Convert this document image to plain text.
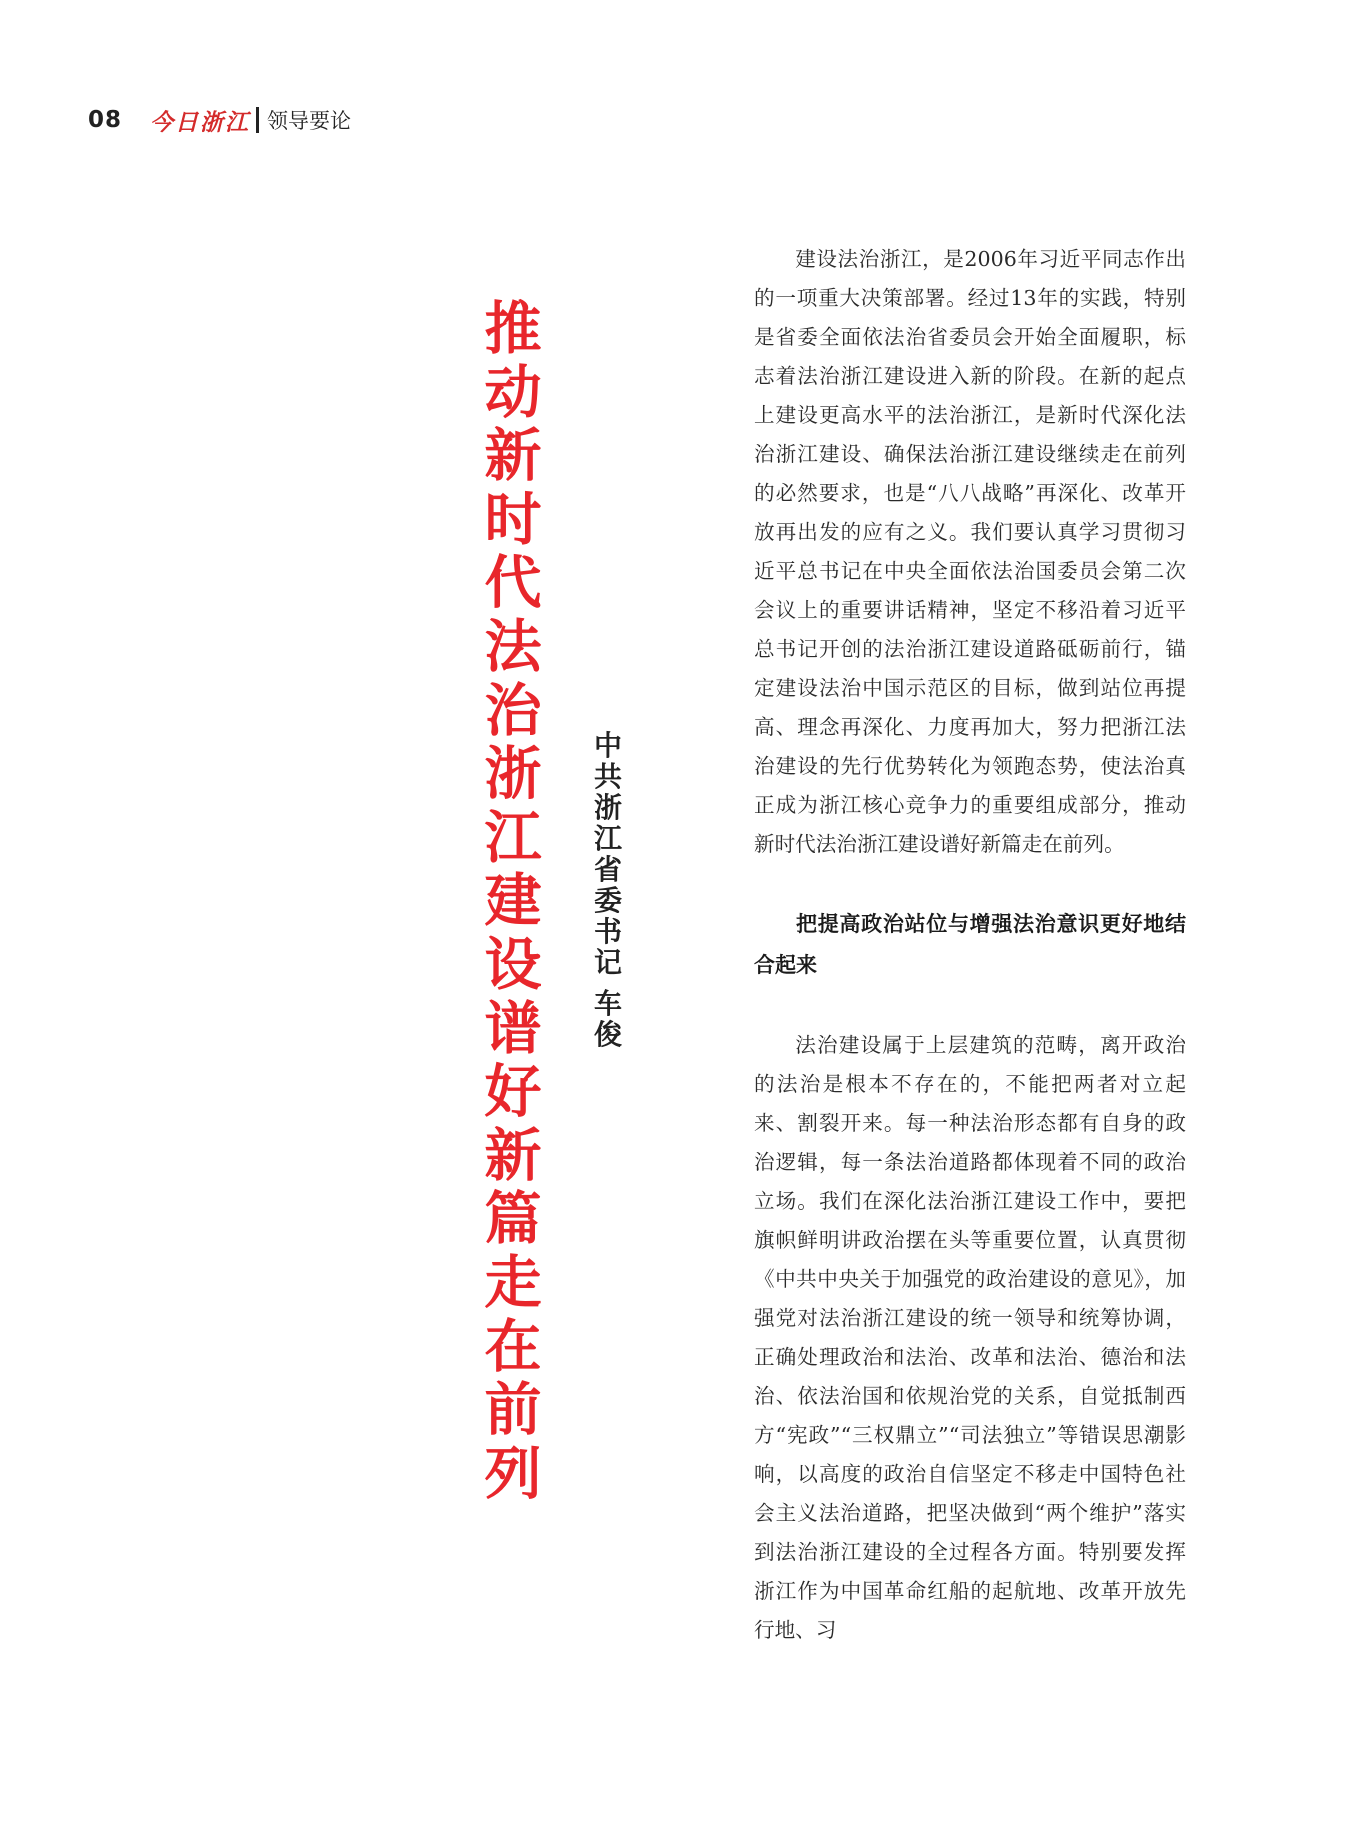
08 今日浙江 领导要论
推动新时代法治浙江建设谱好新篇走在前列
中共浙江省委书记
车
俊

建设法治浙江，是2006年习近平同志作出的一项重大决策部署。经过13年的实践，特别是省委全面依法治省委员会开始全面履职，标志着法治浙江建设进入新的阶段。在新的起点上建设更高水平的法治浙江，是新时代深化法治浙江建设、确保法治浙江建设继续走在前列的必然要求，也是“八八战略”再深化、改革开放再出发的应有之义。我们要认真学习贯彻习近平总书记在中央全面依法治国委员会第二次会议上的重要讲话精神，坚定不移沿着习近平总书记开创的法治浙江建设道路砥砺前行，锚定建设法治中国示范区的目标，做到站位再提高、理念再深化、力度再加大，努力把浙江法治建设的先行优势转化为领跑态势，使法治真正成为浙江核心竞争力的重要组成部分，推动新时代法治浙江建设谱好新篇走在前列。

把提高政治站位与增强法治意识更好地结合起来

法治建设属于上层建筑的范畴，离开政治的法治是根本不存在的，不能把两者对立起来、割裂开来。每一种法治形态都有自身的政治逻辑，每一条法治道路都体现着不同的政治立场。我们在深化法治浙江建设工作中，要把旗帜鲜明讲政治摆在头等重要位置，认真贯彻《中共中央关于加强党的政治建设的意见》，加强党对法治浙江建设的统一领导和统筹协调，正确处理政治和法治、改革和法治、德治和法治、依法治国和依规治党的关系，自觉抵制西方“宪政”“三权鼎立”“司法独立”等错误思潮影响，以高度的政治自信坚定不移走中国特色社会主义法治道路，把坚决做到“两个维护”落实到法治浙江建设的全过程各方面。特别要发挥浙江作为中国革命红船的起航地、改革开放先行地、习
